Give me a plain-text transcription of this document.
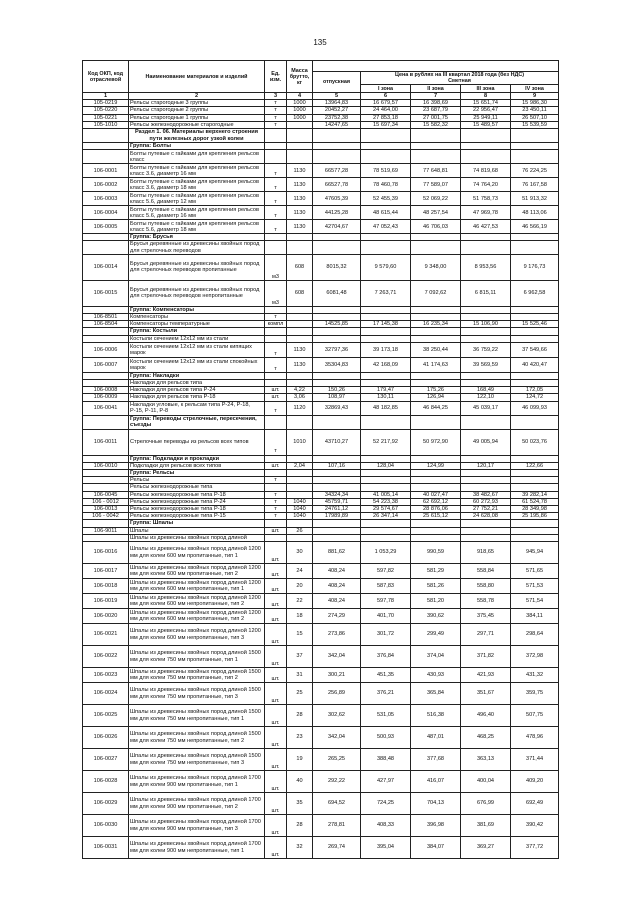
135
Код ОКП, код отраслевой	Наименование материалов и изделий	Ед. изм.	Масса брутто, кг					
				отпускная	Цена в рублях на III квартал 2018 года (без НДС)
Сметная			

					I зона	II зона	III зона	IV зона
1	2	3	4	5	6	7	8	9
105-0219	Рельсы старогодные 3 группы	т	1000	13964,83	16 679,57	16 398,69	15 651,74	15 986,30
105-0220	Рельсы старогодные 2 группы	т	1000	20452,27	24 464,00	23 687,79	22 956,47	23 450,11
105-0221	Рельсы старогодные 1 группы	т	1000	23752,38	27 853,18	27 001,75	25 949,11	26 507,10
105-1010	Рельсы железнодорожные старогодные	т		14247,65	15 697,34	15 582,32	15 489,57	15 539,59
	Раздел 1. 06. Материалы верхнего строения пути железных дорог узкой колеи							
	Группа: Болты							
	Болты путевые с гайками для крепления рельсов класс							
106-0001	Болты путевые с гайками для крепления рельсов класс 3.6, диаметр 16 мм	т	1130	66577,28	78 519,69	77 648,81	74 819,68	76 224,25
106-0002	Болты путевые с гайками для крепления рельсов класс 3.6, диаметр 18 мм	т	1130	66527,78	78 460,78	77 589,07	74 764,20	76 167,58
106-0003	Болты путевые с гайками для крепления рельсов класс 5.6, диаметр 12 мм	т	1130	47605,39	52 455,39	52 069,22	51 758,73	51 913,32
106-0004	Болты путевые с гайками для крепления рельсов класс 5.6, диаметр 16 мм	т	1130	44125,28	48 615,44	48 257,54	47 969,78	48 113,06
106-0005	Болты путевые с гайками для крепления рельсов класс 5.6, диаметр 18 мм	т	1130	42704,67	47 052,43	46 706,03	46 427,53	46 566,19
	Группа: Брусья							
	Брусья деревянные из древесины хвойных пород для стрелочных переводов							
106-0014	Брусья деревянные из древесины хвойных пород для стрелочных переводов пропитанные	м3	608	8015,32	9 579,60	9 348,00	8 953,56	9 176,73
106-0015	Брусья деревянные из древесины хвойных пород для стрелочных переводов непропитанные	м3	608	6081,48	7 263,71	7 092,62	6 815,11	6 962,58
	Группа: Компенсаторы							
106-8501	Компенсаторы	т						
106-8504	Компенсаторы температурные	компл		14525,85	17 145,38	16 235,34	15 106,90	15 525,46
	Группа: Костыли							
	Костыли сечением 12х12 мм из стали							
106-0006	Костыли сечением 12х12 мм из стали кипящих марок	т	1130	32797,36	39 173,18	38 250,44	36 759,22	37 549,66
106-0007	Костыли сечением 12х12 мм из стали спокойных марок	т	1130	35304,83	42 168,09	41 174,63	39 569,59	40 420,47
	Группа: Накладки							
	Накладки для рельсов типа							
106-0008	Накладки для рельсов типа Р-24	шт.	4,22	150,26	179,47	175,26	168,49	172,05
106-0009	Накладки для рельсов типа Р-18	шт.	3,06	108,97	130,11	126,94	122,10	124,72
106-0041	Накладки угловые, к рельсам типа Р-24, Р-18, Р-15, Р-11, Р-8	т	1120	32869,43	48 182,85	46 844,25	45 039,17	46 099,93
	Группа: Переводы стрелочные, пересечения, съезды							
106-0011	Стрелочные переводы из рельсов всех типов	т	1010	43710,27	52 217,92	50 972,90	49 005,94	50 023,76
	Группа: Подкладки и прокладки							
106-0010	Подкладки для рельсов всех типов	шт.	2,04	107,16	128,04	124,99	120,17	122,66
	Группа: Рельсы							
	Рельсы	т						
	Рельсы железнодорожные типа							
106-0045	Рельсы железнодорожные типа Р-18	т		34324,34	41 005,14	40 027,47	38 482,67	39 282,14
106 - 0012	Рельсы железнодорожные типа Р-24	т	1040	45759,71	54 223,38	62 692,12	60 272,93	61 524,78
106-0013	Рельсы железнодорожные типа Р-18	т	1040	24761,12	29 574,67	28 876,06	27 752,21	28 349,98
106 - 0042	Рельсы железнодорожные типа Р-15	т	1040	17989,89	26 347,14	25 615,12	24 628,08	25 195,86
	Группа: Шпалы							
106-9011	Шпалы	шт.	26					
	Шпалы из древесины хвойных пород длиной							
106-0016	Шпалы из древесины хвойных пород длиной 1200 мм для колеи 600 мм пропитанные, тип 1	шт.	30	881,62	1 053,29	990,59	918,65	945,94
106-0017	Шпалы из древесины хвойных пород длиной 1200 мм для колеи 600 мм пропитанные, тип 2	шт.	24	408,24	597,82	581,29	558,84	571,65
106-0018	Шпалы из древесины хвойных пород длиной 1200 мм для колеи 600 мм непропитанные, тип 1	шт.	20	408,24	587,83	581,26	558,80	571,53
106-0019	Шпалы из древесины хвойных пород длиной 1200 мм для колеи 600 мм непропитанные, тип 2	шт.	22	408,24	597,78	581,20	558,78	571,54
106-0020	Шпалы из древесины хвойных пород длиной 1200 мм для колеи 600 мм непропитанные, тип 2	шт.	18	274,29	401,70	390,62	375,45	384,11
106-0021	Шпалы из древесины хвойных пород длиной 1200 мм для колеи 600 мм непропитанные, тип 3	шт.	15	273,86	301,72	299,49	297,71	298,64
106-0022	Шпалы из древесины хвойных пород длиной 1500 мм для колеи 750 мм пропитанные, тип 1	шт.	37	342,04	376,84	374,04	371,82	372,98
106-0023	Шпалы из древесины хвойных пород длиной 1500 мм для колеи 750 мм пропитанные, тип 2	шт.	31	300,21	451,35	430,93	421,93	431,32
106-0024	Шпалы из древесины хвойных пород длиной 1500 мм для колеи 750 мм пропитанные, тип 3	шт.	25	256,89	376,21	365,84	351,67	359,75
106-0025	Шпалы из древесины хвойных пород длиной 1500 мм для колеи 750 мм непропитанные, тип 1	шт.	28	302,62	531,05	516,38	496,40	507,75
106-0026	Шпалы из древесины хвойных пород длиной 1500 мм для колеи 750 мм непропитанные, тип 2	шт.	23	342,04	500,93	487,01	468,25	478,96
106-0027	Шпалы из древесины хвойных пород длиной 1500 мм для колеи 750 мм непропитанные, тип 3	шт.	19	265,25	388,48	377,68	363,13	371,44
106-0028	Шпалы из древесины хвойных пород длиной 1700 мм для колеи 900 мм пропитанные, тип 1	шт.	40	292,22	427,97	416,07	400,04	409,20
106-0029	Шпалы из древесины хвойных пород длиной 1700 мм для колеи 900 мм пропитанные, тип 2	шт.	35	694,52	724,25	704,13	676,99	692,49
106-0030	Шпалы из древесины хвойных пород длиной 1700 мм для колеи 900 мм пропитанные, тип 3	шт.	28	278,81	408,33	396,98	381,69	390,42
106-0031	Шпалы из древесины хвойных пород длиной 1700 мм для колеи 900 мм непропитанные, тип 1	шт.	32	269,74	395,04	384,07	369,27	377,72
